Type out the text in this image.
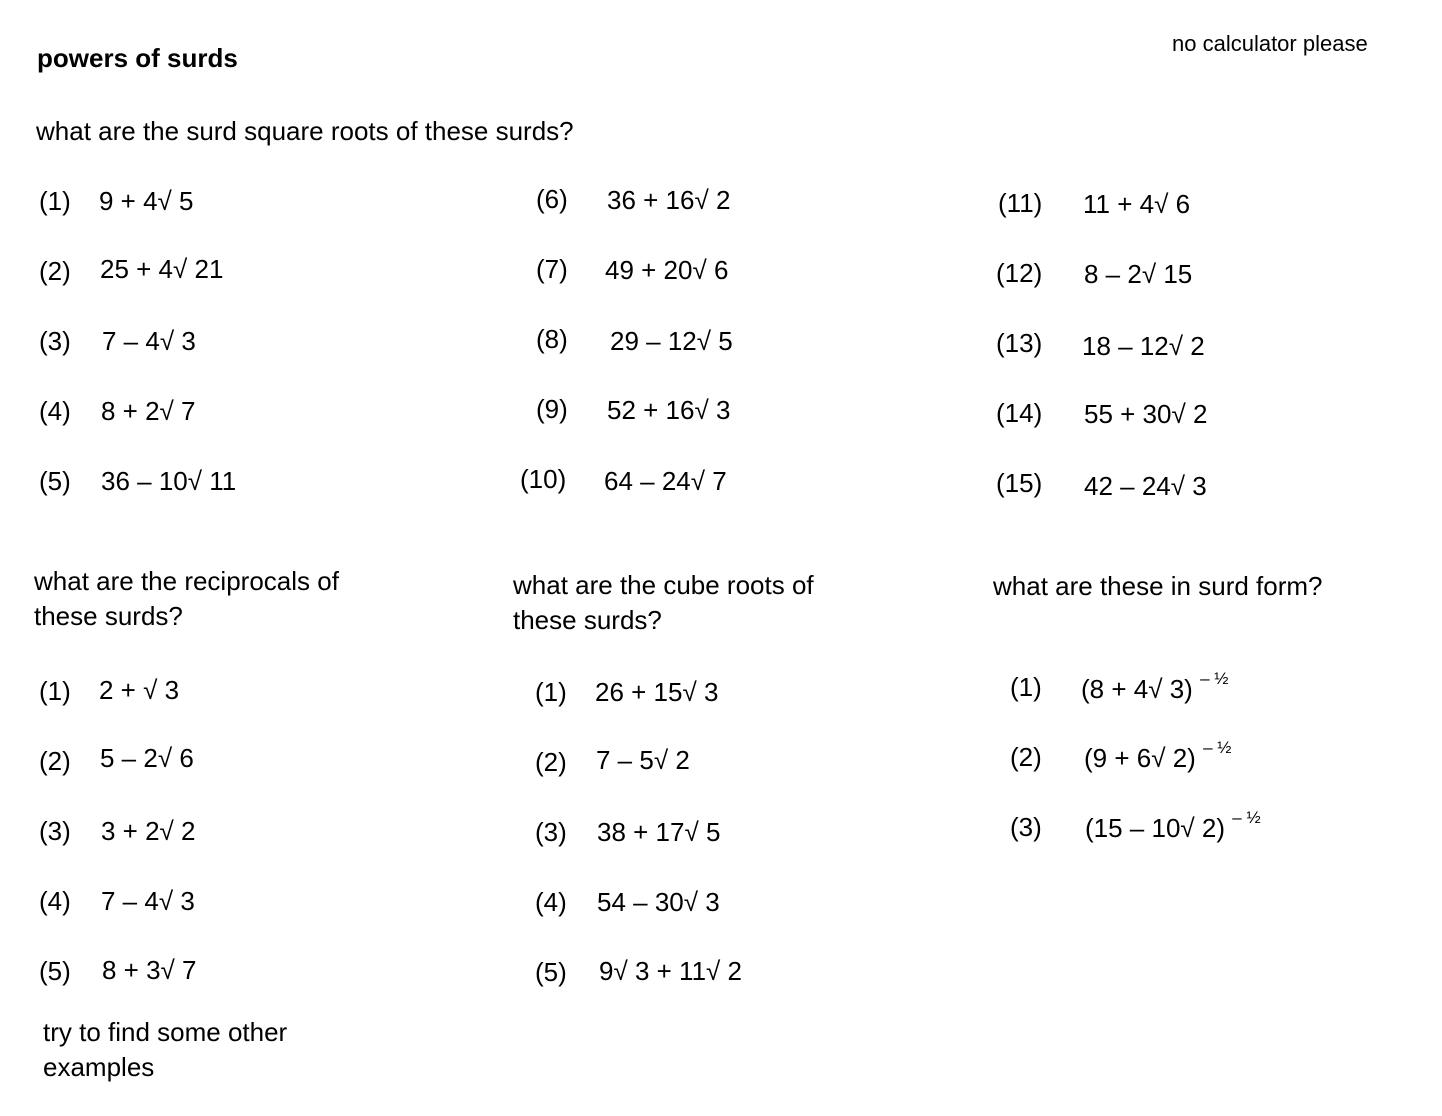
powers of surds	no calculator please
what are the surd square roots of these surds?
(1) 9 + 4√ 5
(2) 25 + 4√ 21
(3) 7 – 4√ 3
(4) 8 + 2√ 7
(5) 36 – 10√ 11
(6) 36 + 16√ 2
(7) 49 + 20√ 6
(8) 29 – 12√ 5
(9) 52 + 16√ 3
(10) 64 – 24√ 7
(11) 11 + 4√ 6
(12) 8 – 2√ 15
(13) 18 – 12√ 2
(14) 55 + 30√ 2
(15) 42 – 24√ 3
what are the reciprocals of these surds?
(1) 2 + √ 3
(2) 5 – 2√ 6
(3) 3 + 2√ 2
(4) 7 – 4√ 3
(5) 8 + 3√ 7
try to find some other examples
what are the cube roots of these surds?
(1) 26 + 15√ 3
(2) 7 – 5√ 2
(3) 38 + 17√ 5
(4) 54 – 30√ 3
(5) 9√ 3 + 11√ 2
what are these in surd form?
(1) (8 + 4√ 3) $^{- \frac{1}{2}}$
(2) (9 + 6√ 2) $^{- \frac{1}{2}}$
(3) (15 – 10√ 2) $^{- \frac{1}{2}}$
